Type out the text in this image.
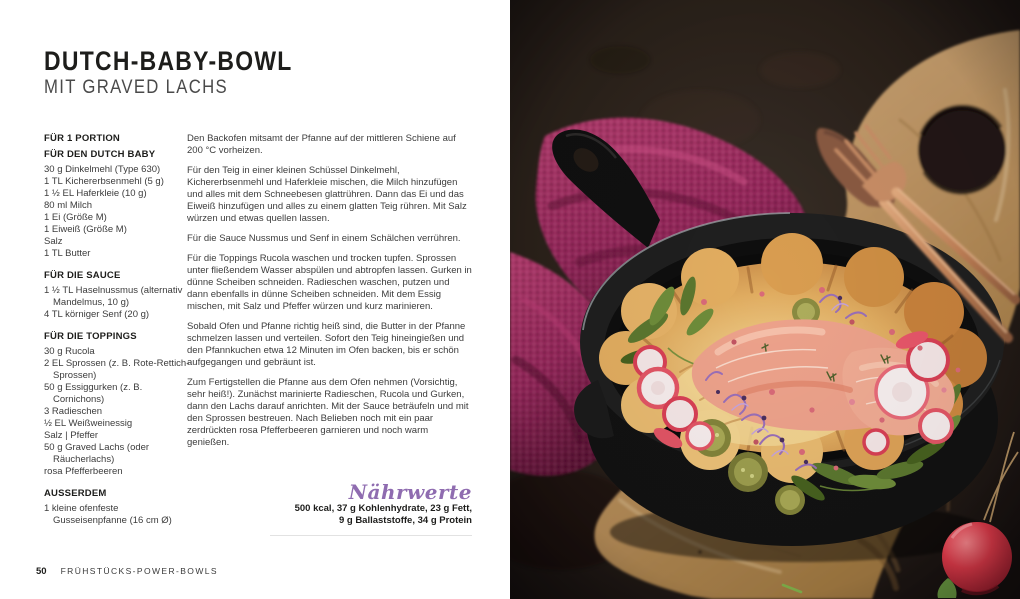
DUTCH-BABY-BOWL
MIT GRAVED LACHS
FÜR 1 PORTION
FÜR DEN DUTCH BABY
30 g Dinkelmehl (Type 630)
1 TL Kichererbsenmehl (5 g)
1 ½ EL Haferkleie (10 g)
80 ml Milch
1 Ei (Größe M)
1 Eiweiß (Größe M)
Salz
1 TL Butter
FÜR DIE SAUCE
1 ½ TL Haselnussmus (alternativ Mandelmus, 10 g)
4 TL körniger Senf (20 g)
FÜR DIE TOPPINGS
30 g Rucola
2 EL Sprossen (z. B. Rote-Rettich-Sprossen)
50 g Essiggurken (z. B. Cornichons)
3 Radieschen
½ EL Weißweinessig
Salz | Pfeffer
50 g Graved Lachs (oder Räucherlachs)
rosa Pfefferbeeren
AUSSERDEM
1 kleine ofenfeste Gusseisenpfanne (16 cm Ø)

Den Backofen mitsamt der Pfanne auf der mittleren Schiene auf 200 °C vorheizen.

Für den Teig in einer kleinen Schüssel Dinkelmehl, Kichererbsenmehl und Haferkleie mischen, die Milch hinzufügen und alles mit dem Schneebesen glattrühren. Dann das Ei und das Eiweiß hinzufügen und alles zu einem glatten Teig rühren. Mit Salz würzen und etwas quellen lassen.

Für die Sauce Nussmus und Senf in einem Schälchen verrühren.

Für die Toppings Rucola waschen und trocken tupfen. Sprossen unter fließendem Wasser abspülen und abtropfen lassen. Gurken in dünne Scheiben schneiden. Radieschen waschen, putzen und dann ebenfalls in dünne Scheiben schneiden. Mit dem Essig mischen, mit Salz und Pfeffer würzen und kurz marinieren.

Sobald Ofen und Pfanne richtig heiß sind, die Butter in der Pfanne schmelzen lassen und verteilen. Sofort den Teig hineingießen und den Pfannkuchen etwa 12 Minuten im Ofen backen, bis er schön aufgegangen und gebräunt ist.

Zum Fertigstellen die Pfanne aus dem Ofen nehmen (Vorsichtig, sehr heiß!). Zunächst marinierte Radieschen, Rucola und Gurken, dann den Lachs darauf anrichten. Mit der Sauce beträufeln und mit den Sprossen bestreuen. Nach Belieben noch mit ein paar zerdrückten rosa Pfefferbeeren garnieren und noch warm genießen.

Nährwerte
500 kcal, 37 g Kohlenhydrate, 23 g Fett,
9 g Ballaststoffe, 34 g Protein
50 FRÜHSTÜCKS-POWER-BOWLS
